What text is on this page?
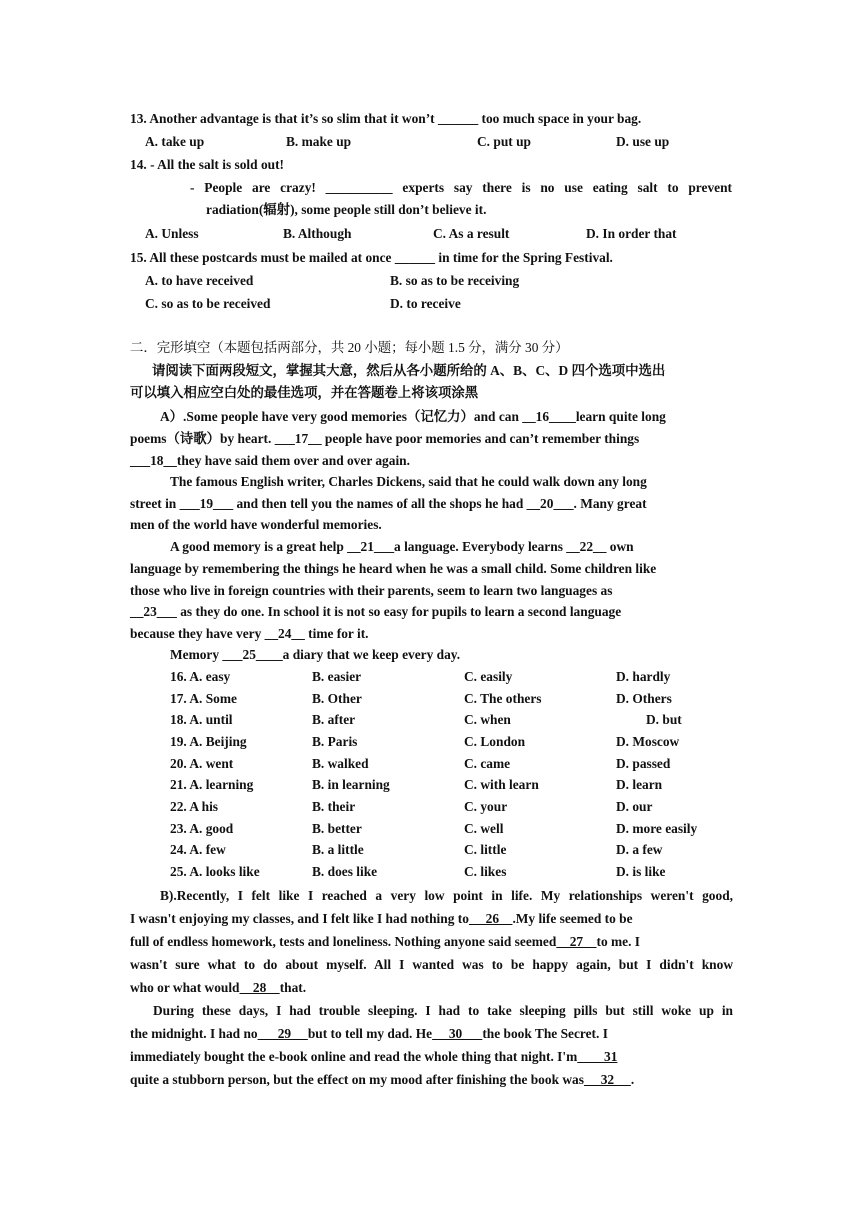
13. Another advantage is that it’s so slim that it won’t ______ too much space in your bag.
A. take up	B. make up	C. put up	D. use up
14. - All the salt is sold out!
- People are crazy! __________ experts say there is no use eating salt to prevent
radiation(辐射), some people still don’t believe it.
A. Unless	B. Although	C. As a result	D. In order that
15. All these postcards must be mailed at once ______ in time for the Spring Festival.
A. to have received	B. so as to be receiving
C. so as to be received	D. to receive
二．完形填空（本题包括两部分，共 20 小题；每小题 1.5 分，满分 30 分）
请阅读下面两段短文，掌握其大意，然后从各小题所给的 A、B、C、D 四个选项中选出
可以填入相应空白处的最佳选项，并在答题卷上将该项涂黑
A）.Some people have very good memories（记忆力）and can __16____learn quite long
poems（诗歌）by heart. ___17__ people have poor memories and can’t remember things
___18__they have said them over and over again.
The famous English writer, Charles Dickens, said that he could walk down any long
street in ___19___ and then tell you the names of all the shops he had __20___. Many great
men of the world have wonderful memories.
A good memory is a great help __21___a language. Everybody learns __22__ own
language by remembering the things he heard when he was a small child. Some children like
those who live in foreign countries with their parents, seem to learn two languages as
__23___ as they do one. In school it is not so easy for pupils to learn a second language
because they have very __24__ time for it.
Memory ___25____a diary that we keep every day.
16. A. easy	B. easier	C. easily	D. hardly
17. A. Some	B. Other	C. The others	D. Others
18. A. until	B. after	C. when	D. but
19. A. Beijing	B. Paris	C. London	D. Moscow
20. A. went	B. walked	C. came	D. passed
21. A. learning	B. in learning	C. with learn	D. learn
22. A his	B. their	C. your	D. our
23. A. good	B. better	C. well	D. more easily
24. A. few	B. a little	C. little	D. a few
25. A. looks like	B. does like	C. likes	D. is like
B).Recently, I felt like I reached a very low point in life. My relationships weren't good,
I wasn't enjoying my classes, and I felt like I had nothing to     26    .My life seemed to be
full of endless homework, tests and loneliness. Nothing anyone said seemed    27    to me. I
wasn't sure what to do about myself. All I wanted was to be happy again, but I didn't know
who or what would    28    that.
During these days, I had trouble sleeping. I had to take sleeping pills but still woke up in
the midnight. I had no      29     but to tell my dad. He     30      the book The Secret. I
immediately bought the e-book online and read the whole thing that night. I'm        31
quite a stubborn person, but the effect on my mood after finishing the book was     32     .
